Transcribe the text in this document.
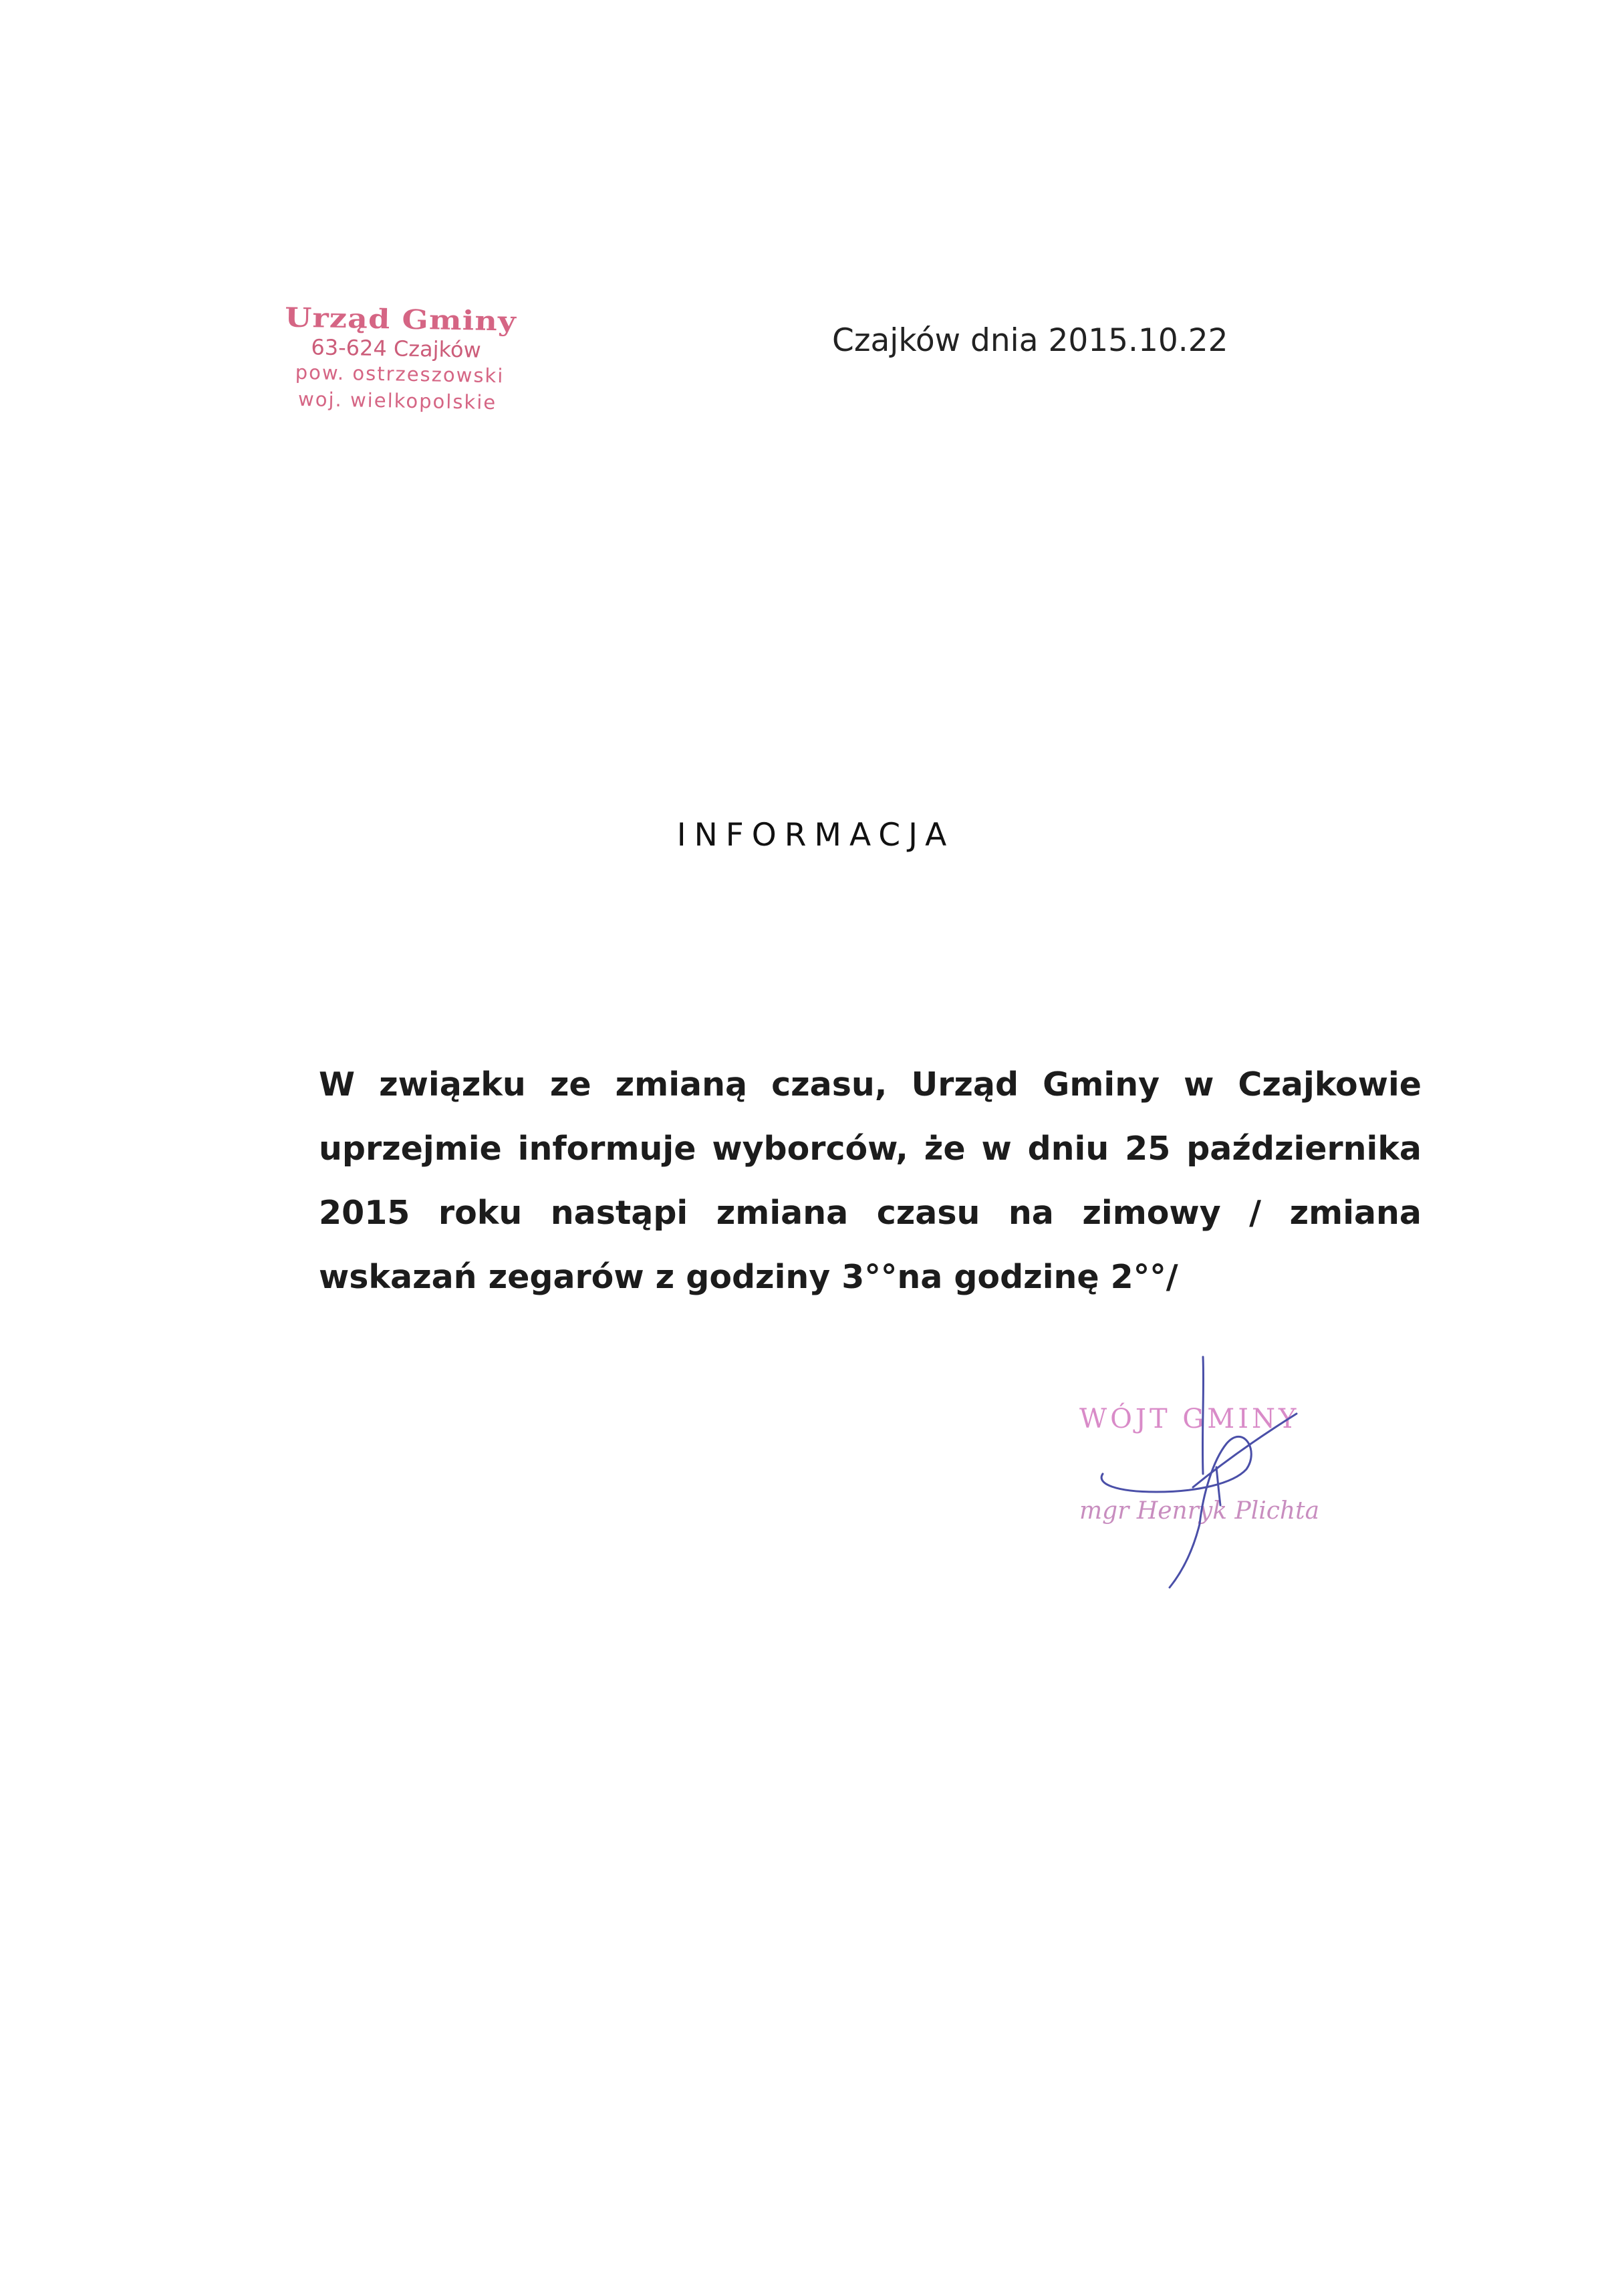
Urząd Gminy
63-624 Czajków
pow. ostrzeszowski
woj. wielkopolskie
Czajków dnia 2015.10.22
INFORMACJA
W związku ze zmianą czasu, Urząd Gminy w Czajkowie uprzejmie informuje wyborców, że w dniu 25 października 2015 roku nastąpi zmiana czasu na zimowy / zmiana wskazań zegarów z godziny 3°°na godzinę 2°°/
WÓJT GMINY
mgr Henryk Plichta
